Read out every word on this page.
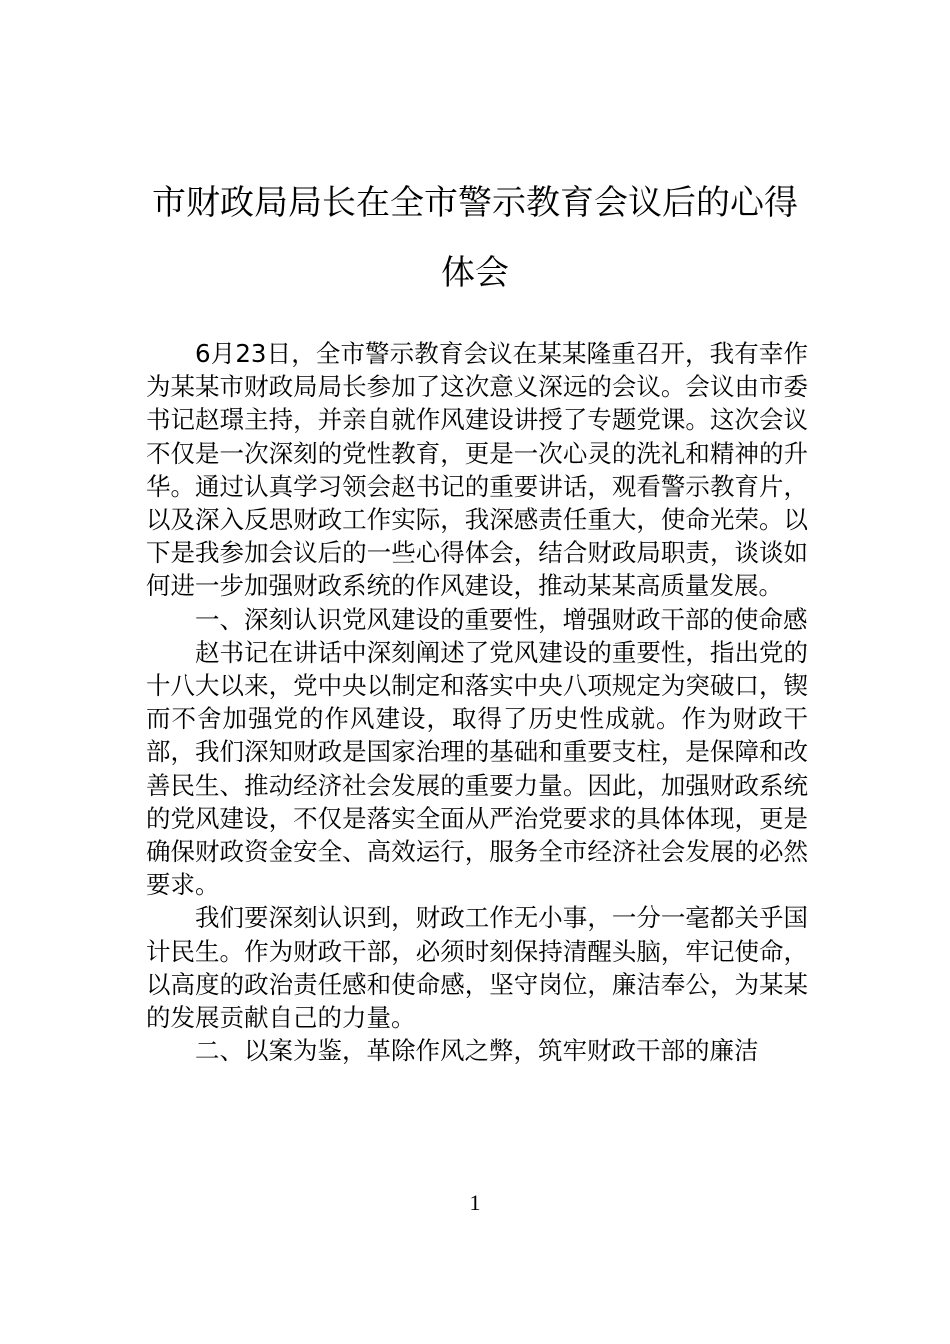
市财政局局长在全市警示教育会议后的心得体会

6月23日，全市警示教育会议在某某隆重召开，我有幸作为某某市财政局局长参加了这次意义深远的会议。会议由市委书记赵璟主持，并亲自就作风建设讲授了专题党课。这次会议不仅是一次深刻的党性教育，更是一次心灵的洗礼和精神的升华。通过认真学习领会赵书记的重要讲话，观看警示教育片，以及深入反思财政工作实际，我深感责任重大，使命光荣。以下是我参加会议后的一些心得体会，结合财政局职责，谈谈如何进一步加强财政系统的作风建设，推动某某高质量发展。

一、深刻认识党风建设的重要性，增强财政干部的使命感

赵书记在讲话中深刻阐述了党风建设的重要性，指出党的十八大以来，党中央以制定和落实中央八项规定为突破口，锲而不舍加强党的作风建设，取得了历史性成就。作为财政干部，我们深知财政是国家治理的基础和重要支柱，是保障和改善民生、推动经济社会发展的重要力量。因此，加强财政系统的党风建设，不仅是落实全面从严治党要求的具体体现，更是确保财政资金安全、高效运行，服务全市经济社会发展的必然要求。

我们要深刻认识到，财政工作无小事，一分一毫都关乎国计民生。作为财政干部，必须时刻保持清醒头脑，牢记使命，以高度的政治责任感和使命感，坚守岗位，廉洁奉公，为某某的发展贡献自己的力量。

二、以案为鉴，革除作风之弊，筑牢财政干部的廉洁

1
